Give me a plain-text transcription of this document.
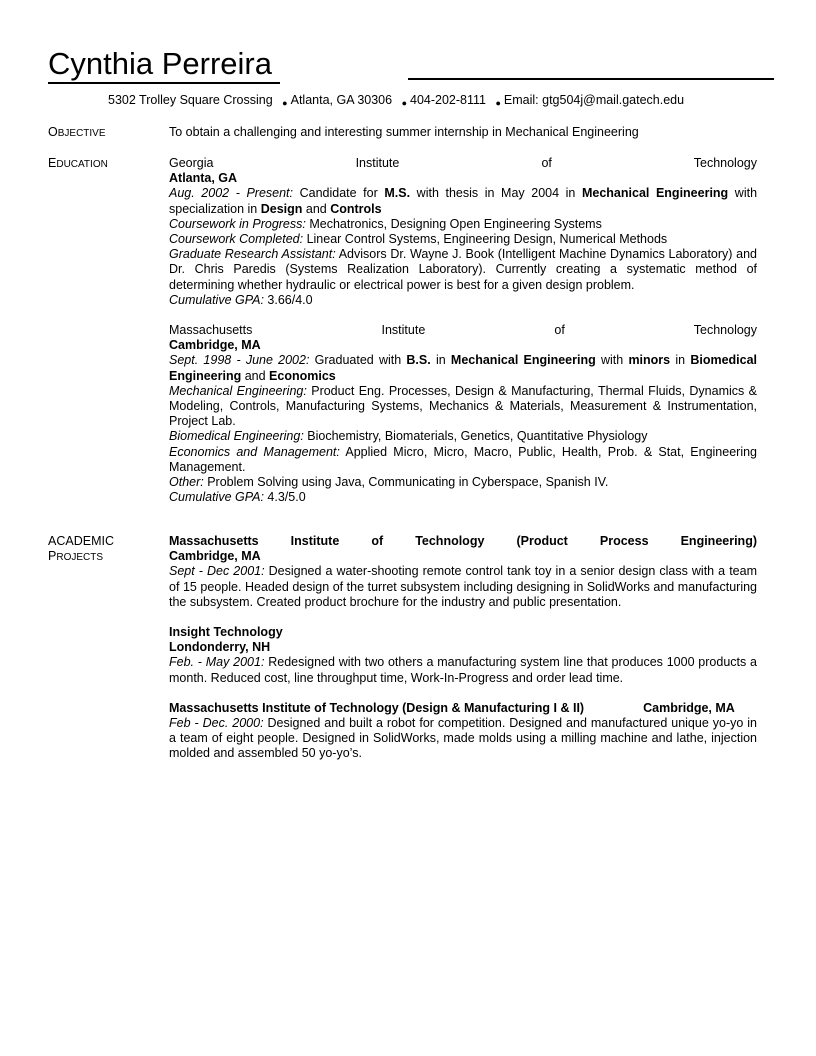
Cynthia Perreira
5302 Trolley Square Crossing ● Atlanta, GA 30306 ● 404-202-8111 ● Email: gtg504j@mail.gatech.edu
OBJECTIVE	To obtain a challenging and interesting summer internship in Mechanical Engineering
EDUCATION	Georgia Institute of Technology

Atlanta, GA

Aug. 2002 - Present: Candidate for M.S. with thesis in May 2004 in Mechanical Engineering with specialization in Design and Controls

Coursework in Progress: Mechatronics, Designing Open Engineering Systems

Coursework Completed: Linear Control Systems, Engineering Design, Numerical Methods

Graduate Research Assistant: Advisors Dr. Wayne J. Book (Intelligent Machine Dynamics Laboratory) and Dr. Chris Paredis (Systems Realization Laboratory). Currently creating a systematic method of determining whether hydraulic or electrical power is best for a given design problem.

Cumulative GPA: 3.66/4.0

Massachusetts Institute of Technology

Cambridge, MA

Sept. 1998 - June 2002: Graduated with B.S. in Mechanical Engineering with minors in Biomedical Engineering and Economics

Mechanical Engineering: Product Eng. Processes, Design & Manufacturing, Thermal Fluids, Dynamics & Modeling, Controls, Manufacturing Systems, Mechanics & Materials, Measurement & Instrumentation, Project Lab.

Biomedical Engineering: Biochemistry, Biomaterials, Genetics, Quantitative Physiology

Economics and Management: Applied Micro, Micro, Macro, Public, Health, Prob. & Stat, Engineering Management.

Other: Problem Solving using Java, Communicating in Cyberspace, Spanish IV.

Cumulative GPA: 4.3/5.0

ACADEMIC
PROJECTS

Massachusetts Institute of Technology (Product Process Engineering)

Cambridge, MA

Sept - Dec 2001: Designed a water-shooting remote control tank toy in a senior design class with a team of 15 people. Headed design of the turret subsystem including designing in SolidWorks and manufacturing the subsystem. Created product brochure for the industry and public presentation.

Insight Technology

Londonderry, NH

Feb. - May 2001: Redesigned with two others a manufacturing system line that produces 1000 products a month. Reduced cost, line throughput time, Work-In-Progress and order lead time.

Massachusetts Institute of Technology (Design & Manufacturing I & II)	Cambridge, MA

Feb - Dec. 2000: Designed and built a robot for competition. Designed and manufactured unique yo-yo in a team of eight people. Designed in SolidWorks, made molds using a milling machine and lathe, injection molded and assembled 50 yo-yo’s.
